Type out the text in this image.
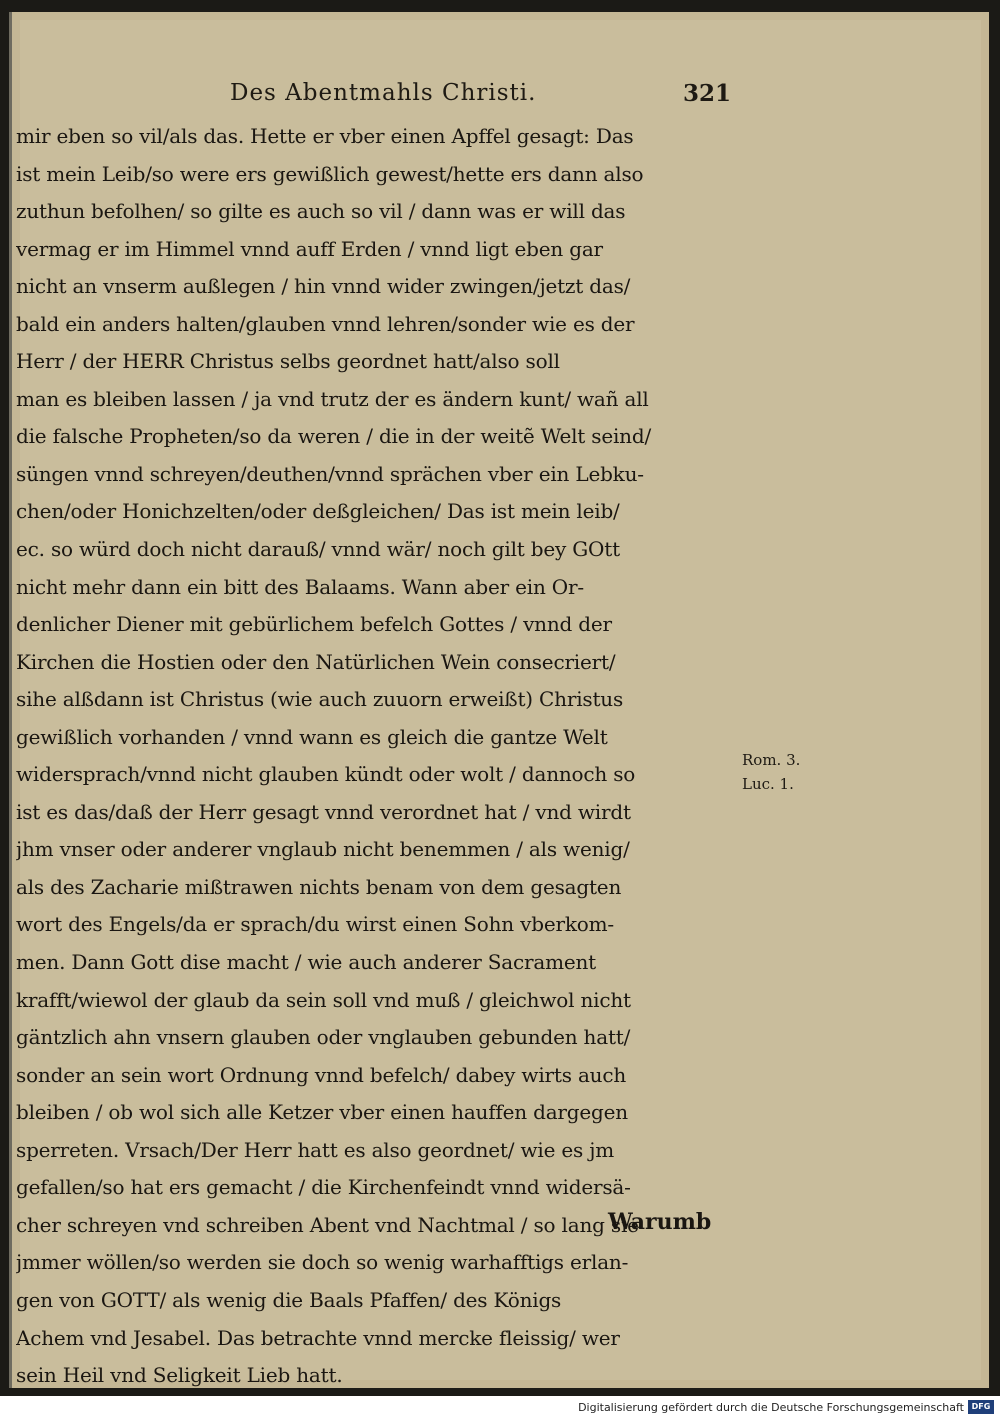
Des Abentmahls Christi.	321
mir eben so vil/als das. Hette er vber einen Apffel gesagt: Das
ist mein Leib/so were ers gewißlich gewest/hette ers dann also
zuthun befolhen/ so gilte es auch so vil / dann was er will das
vermag er im Himmel vnnd auff Erden / vnnd ligt eben gar
nicht an vnserm außlegen / hin vnnd wider zwingen/jetzt das/
bald ein anders halten/glauben vnnd lehren/sonder wie es der
Herr / der HERR Christus selbs geordnet hatt/also soll
man es bleiben lassen / ja vnd trutz der es ändern kunt/ wañ all
die falsche Propheten/so da weren / die in der weitẽ Welt seind/
süngen vnnd schreyen/deuthen/vnnd sprächen vber ein Lebku-
chen/oder Honichzelten/oder deßgleichen/ Das ist mein leib/
ec. so würd doch nicht darauß/ vnnd wär/ noch gilt bey GOtt
nicht mehr dann ein bitt des Balaams. Wann aber ein Or-
denlicher Diener mit gebürlichem befelch Gottes / vnnd der
Kirchen die Hostien oder den Natürlichen Wein consecriert/
sihe alßdann ist Christus (wie auch zuuorn erweißt) Christus
gewißlich vorhanden / vnnd wann es gleich die gantze Welt
widersprach/vnnd nicht glauben kündt oder wolt / dannoch so
ist es das/daß der Herr gesagt vnnd verordnet hat / vnd wirdt
jhm vnser oder anderer vnglaub nicht benemmen / als wenig/
als des Zacharie mißtrawen nichts benam von dem gesagten
wort des Engels/da er sprach/du wirst einen Sohn vberkom-
men. Dann Gott dise macht / wie auch anderer Sacrament
krafft/wiewol der glaub da sein soll vnd muß / gleichwol nicht
gäntzlich ahn vnsern glauben oder vnglauben gebunden hatt/
sonder an sein wort Ordnung vnnd befelch/ dabey wirts auch
bleiben / ob wol sich alle Ketzer vber einen hauffen dargegen
sperreten. Vrsach/Der Herr hatt es also geordnet/ wie es jm
gefallen/so hat ers gemacht / die Kirchenfeindt vnnd widersä-
cher schreyen vnd schreiben Abent vnd Nachtmal / so lang sie
jmmer wöllen/so werden sie doch so wenig warhafftigs erlan-
gen von GOTT/ als wenig die Baals Pfaffen/ des Königs
Achem vnd Jesabel. Das betrachte vnnd mercke fleissig/ wer
sein Heil vnd Seligkeit Lieb hatt.
Rom. 3.
Luc. 1.
Warumb
Digitalisierung gefördert durch die Deutsche Forschungsgemeinschaft DFG
